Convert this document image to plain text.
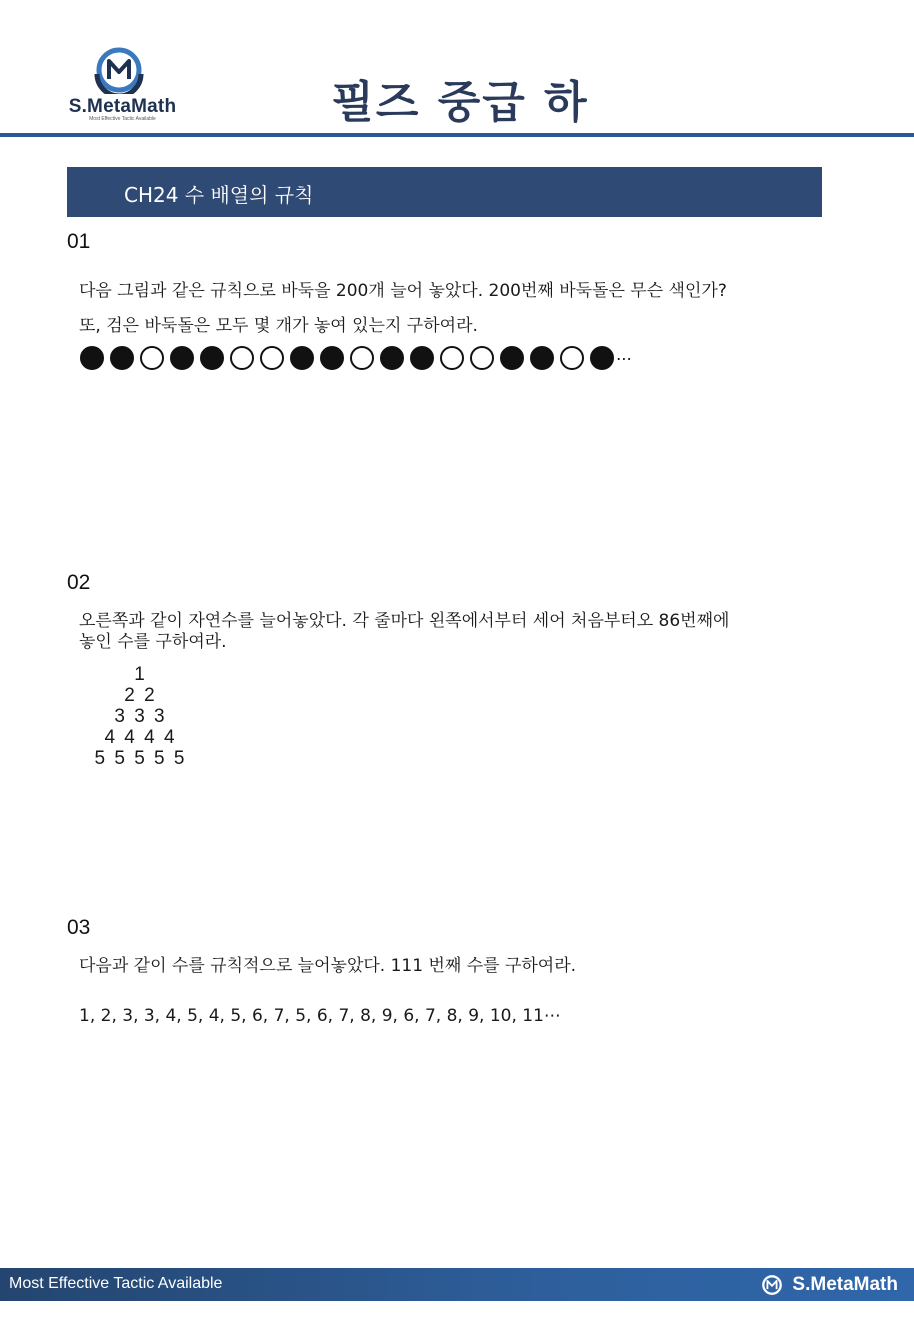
S.MetaMath
Most Effective Tactic Available	필즈 중급 하
CH24 수 배열의 규칙
01
다음 그림과 같은 규칙으로 바둑을 200개 늘어 놓았다. 200번째 바둑돌은 무슨 색인가?
또, 검은 바둑돌은 모두 몇 개가 놓여 있는지 구하여라.
⋯
02
오른쪽과 같이 자연수를 늘어놓았다. 각 줄마다 왼쪽에서부터 세어 처음부터오 86번째에
놓인 수를 구하여라.
1
2 2
3 3 3
4 4 4 4
5 5 5 5 5
03
다음과 같이 수를 규칙적으로 늘어놓았다. 111 번째 수를 구하여라.
1, 2, 3, 3, 4, 5, 4, 5, 6, 7, 5, 6, 7, 8, 9, 6, 7, 8, 9, 10, 11⋯
Most Effective Tactic Available	S.MetaMath
